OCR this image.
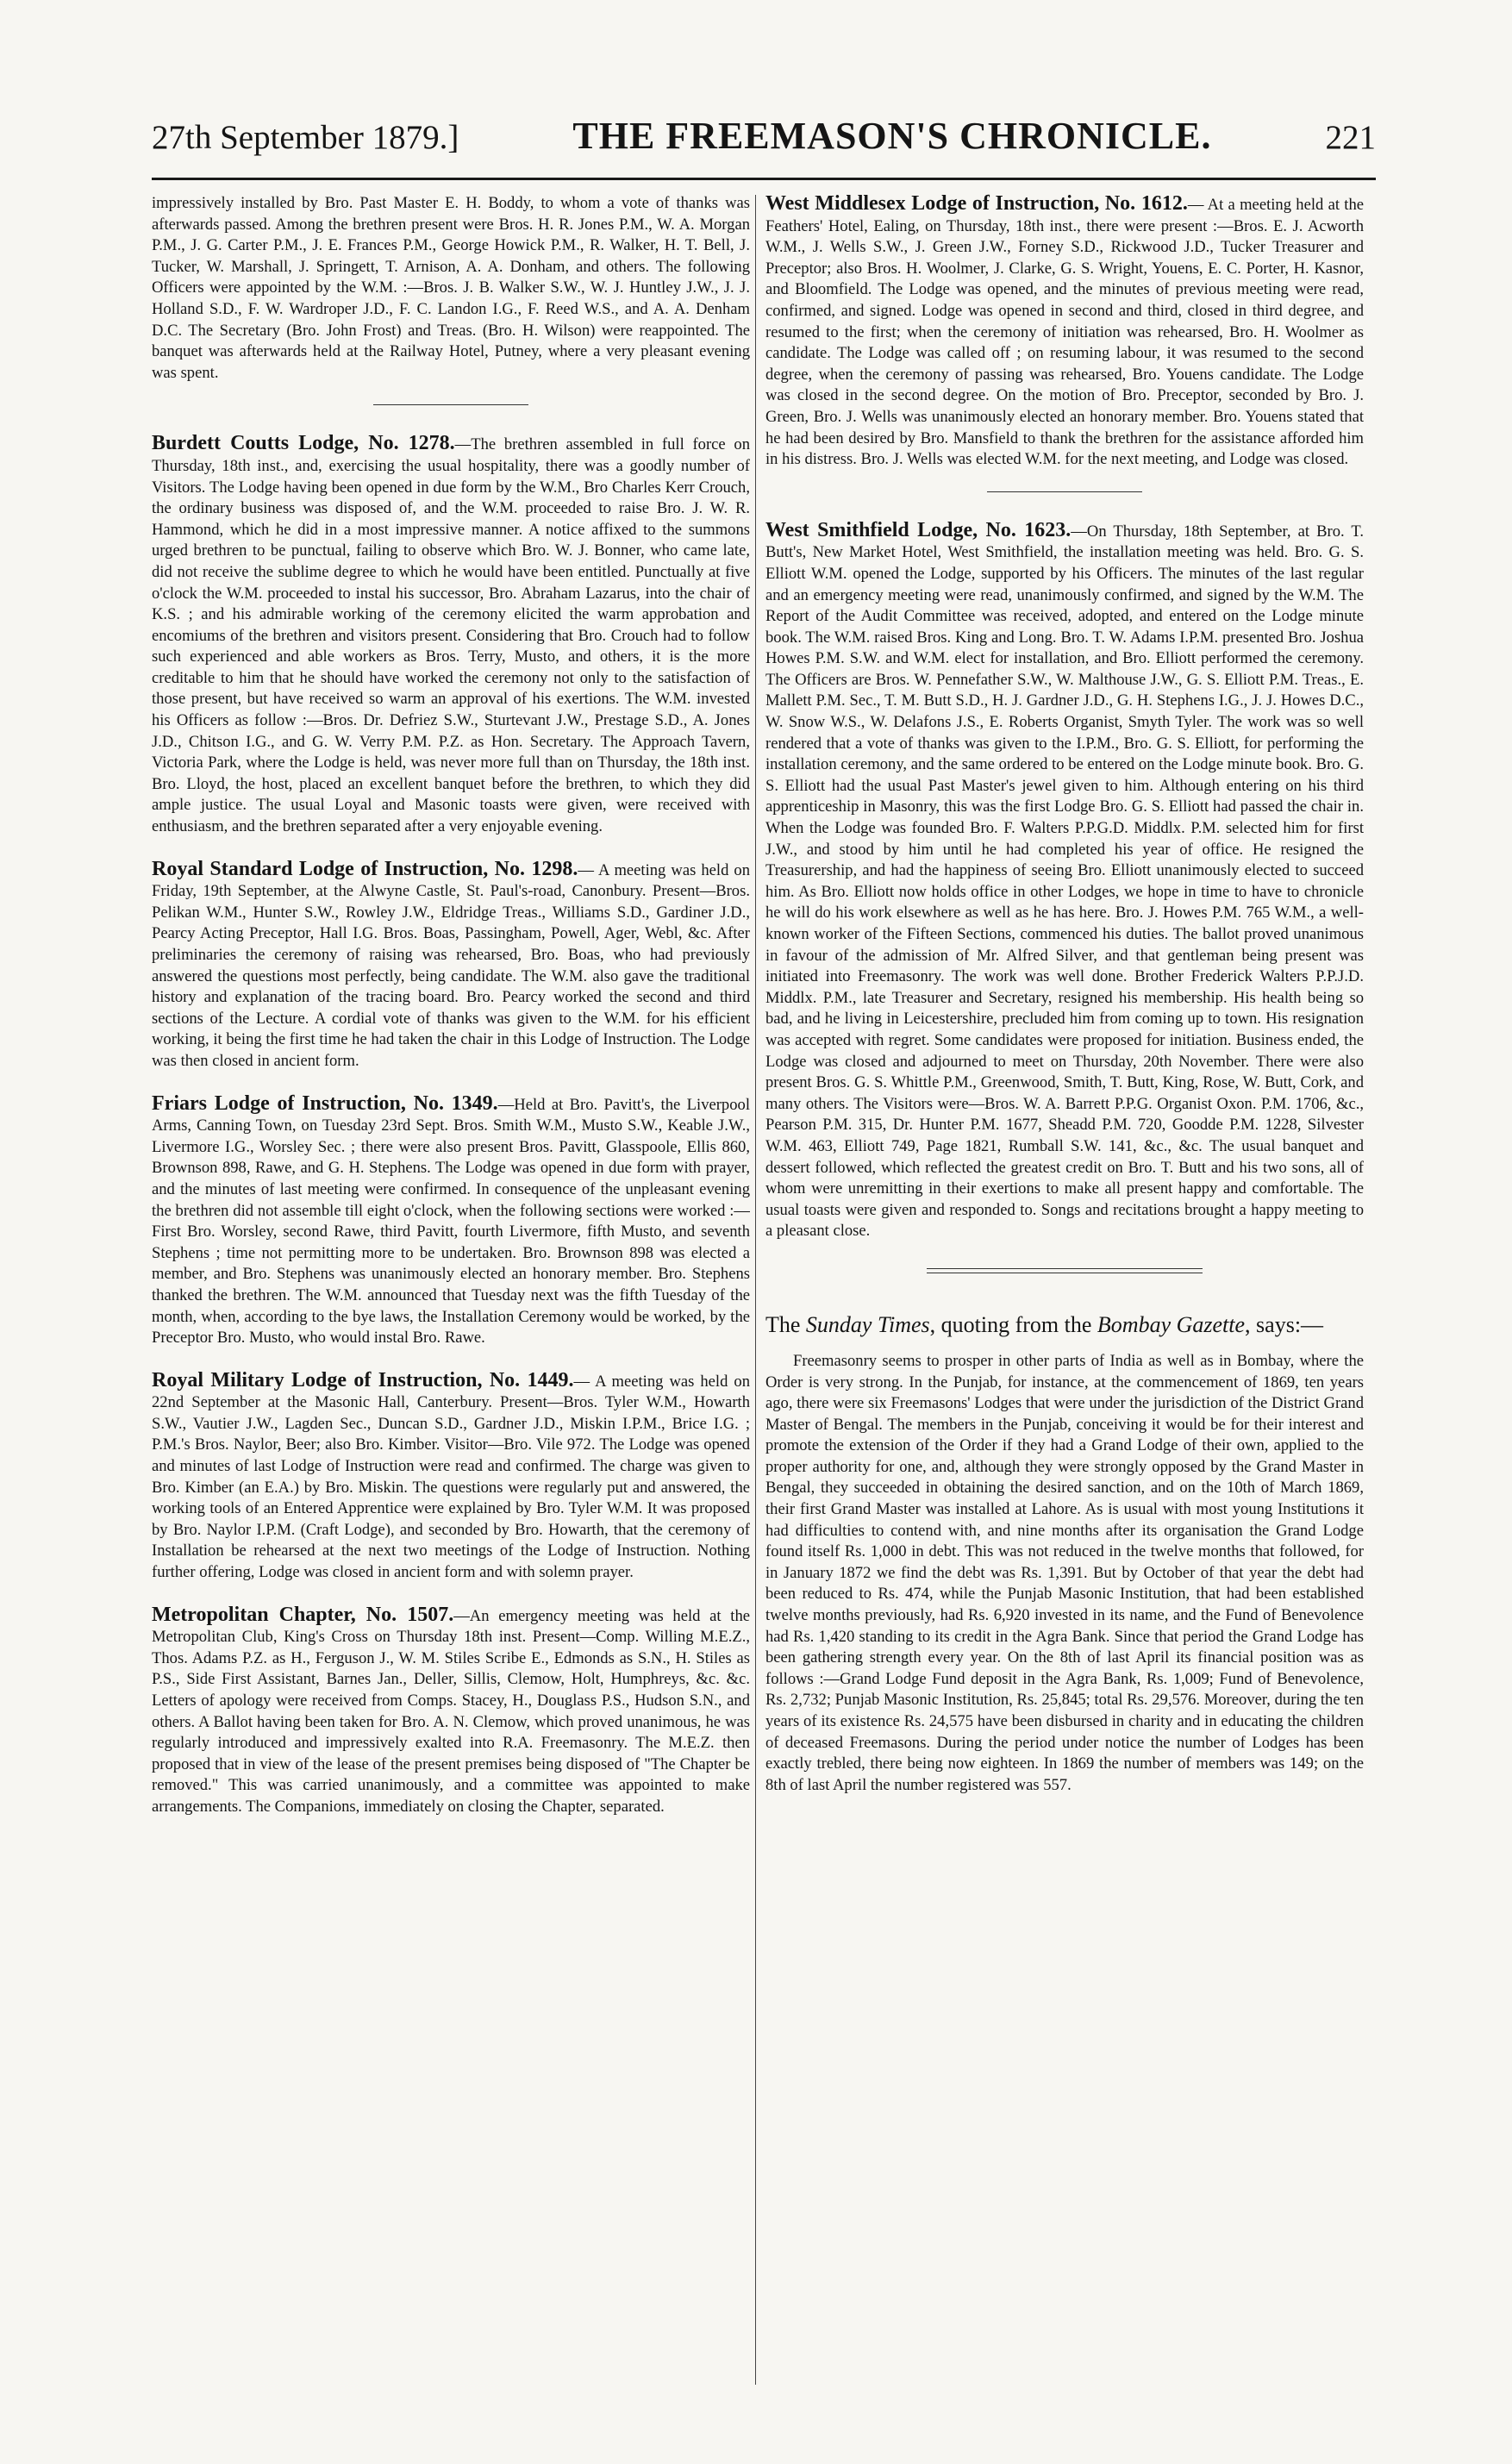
27th September 1879.]	THE FREEMASON'S CHRONICLE.	221

impressively installed by Bro. Past Master E. H. Boddy, to whom a vote of thanks was afterwards passed. Among the brethren present were Bros. H. R. Jones P.M., W. A. Morgan P.M., J. G. Carter P.M., J. E. Frances P.M., George Howick P.M., R. Walker, H. T. Bell, J. Tucker, W. Marshall, J. Springett, T. Arnison, A. A. Donham, and others. The following Officers were appointed by the W.M. :—Bros. J. B. Walker S.W., W. J. Huntley J.W., J. J. Holland S.D., F. W. Wardroper J.D., F. C. Landon I.G., F. Reed W.S., and A. A. Denham D.C. The Secretary (Bro. John Frost) and Treas. (Bro. H. Wilson) were reappointed. The banquet was afterwards held at the Railway Hotel, Putney, where a very pleasant evening was spent.

Burdett Coutts Lodge, No. 1278.—The brethren assembled in full force on Thursday, 18th inst., and, exercising the usual hospitality, there was a goodly number of Visitors. The Lodge having been opened in due form by the W.M., Bro Charles Kerr Crouch, the ordinary business was disposed of, and the W.M. proceeded to raise Bro. J. W. R. Hammond, which he did in a most impressive manner. A notice affixed to the summons urged brethren to be punctual, failing to observe which Bro. W. J. Bonner, who came late, did not receive the sublime degree to which he would have been entitled. Punctually at five o'clock the W.M. proceeded to instal his successor, Bro. Abraham Lazarus, into the chair of K.S. ; and his admirable working of the ceremony elicited the warm approbation and encomiums of the brethren and visitors present. Considering that Bro. Crouch had to follow such experienced and able workers as Bros. Terry, Musto, and others, it is the more creditable to him that he should have worked the ceremony not only to the satisfaction of those present, but have received so warm an approval of his exertions. The W.M. invested his Officers as follow :—Bros. Dr. Defriez S.W., Sturtevant J.W., Prestage S.D., A. Jones J.D., Chitson I.G., and G. W. Verry P.M. P.Z. as Hon. Secretary. The Approach Tavern, Victoria Park, where the Lodge is held, was never more full than on Thursday, the 18th inst. Bro. Lloyd, the host, placed an excellent banquet before the brethren, to which they did ample justice. The usual Loyal and Masonic toasts were given, were received with enthusiasm, and the brethren separated after a very enjoyable evening.

Royal Standard Lodge of Instruction, No. 1298.— A meeting was held on Friday, 19th September, at the Alwyne Castle, St. Paul's-road, Canonbury. Present—Bros. Pelikan W.M., Hunter S.W., Rowley J.W., Eldridge Treas., Williams S.D., Gardiner J.D., Pearcy Acting Preceptor, Hall I.G. Bros. Boas, Passingham, Powell, Ager, Webl, &c. After preliminaries the ceremony of raising was rehearsed, Bro. Boas, who had previously answered the questions most perfectly, being candidate. The W.M. also gave the traditional history and explanation of the tracing board. Bro. Pearcy worked the second and third sections of the Lecture. A cordial vote of thanks was given to the W.M. for his efficient working, it being the first time he had taken the chair in this Lodge of Instruction. The Lodge was then closed in ancient form.

Friars Lodge of Instruction, No. 1349.—Held at Bro. Pavitt's, the Liverpool Arms, Canning Town, on Tuesday 23rd Sept. Bros. Smith W.M., Musto S.W., Keable J.W., Livermore I.G., Worsley Sec. ; there were also present Bros. Pavitt, Glasspoole, Ellis 860, Brownson 898, Rawe, and G. H. Stephens. The Lodge was opened in due form with prayer, and the minutes of last meeting were confirmed. In consequence of the unpleasant evening the brethren did not assemble till eight o'clock, when the following sections were worked :—First Bro. Worsley, second Rawe, third Pavitt, fourth Livermore, fifth Musto, and seventh Stephens ; time not permitting more to be undertaken. Bro. Brownson 898 was elected a member, and Bro. Stephens was unanimously elected an honorary member. Bro. Stephens thanked the brethren. The W.M. announced that Tuesday next was the fifth Tuesday of the month, when, according to the bye laws, the Installation Ceremony would be worked, by the Preceptor Bro. Musto, who would instal Bro. Rawe.

Royal Military Lodge of Instruction, No. 1449.— A meeting was held on 22nd September at the Masonic Hall, Canterbury. Present—Bros. Tyler W.M., Howarth S.W., Vautier J.W., Lagden Sec., Duncan S.D., Gardner J.D., Miskin I.P.M., Brice I.G. ; P.M.'s Bros. Naylor, Beer; also Bro. Kimber. Visitor—Bro. Vile 972. The Lodge was opened and minutes of last Lodge of Instruction were read and confirmed. The charge was given to Bro. Kimber (an E.A.) by Bro. Miskin. The questions were regularly put and answered, the working tools of an Entered Apprentice were explained by Bro. Tyler W.M. It was proposed by Bro. Naylor I.P.M. (Craft Lodge), and seconded by Bro. Howarth, that the ceremony of Installation be rehearsed at the next two meetings of the Lodge of Instruction. Nothing further offering, Lodge was closed in ancient form and with solemn prayer.

Metropolitan Chapter, No. 1507.—An emergency meeting was held at the Metropolitan Club, King's Cross on Thursday 18th inst. Present—Comp. Willing M.E.Z., Thos. Adams P.Z. as H., Ferguson J., W. M. Stiles Scribe E., Edmonds as S.N., H. Stiles as P.S., Side First Assistant, Barnes Jan., Deller, Sillis, Clemow, Holt, Humphreys, &c. &c. Letters of apology were received from Comps. Stacey, H., Douglass P.S., Hudson S.N., and others. A Ballot having been taken for Bro. A. N. Clemow, which proved unanimous, he was regularly introduced and impressively exalted into R.A. Freemasonry. The M.E.Z. then proposed that in view of the lease of the present premises being disposed of "The Chapter be removed." This was carried unanimously, and a committee was appointed to make arrangements. The Companions, immediately on closing the Chapter, separated.

West Middlesex Lodge of Instruction, No. 1612.— At a meeting held at the Feathers' Hotel, Ealing, on Thursday, 18th inst., there were present :—Bros. E. J. Acworth W.M., J. Wells S.W., J. Green J.W., Forney S.D., Rickwood J.D., Tucker Treasurer and Preceptor; also Bros. H. Woolmer, J. Clarke, G. S. Wright, Youens, E. C. Porter, H. Kasnor, and Bloomfield. The Lodge was opened, and the minutes of previous meeting were read, confirmed, and signed. Lodge was opened in second and third, closed in third degree, and resumed to the first; when the ceremony of initiation was rehearsed, Bro. H. Woolmer as candidate. The Lodge was called off ; on resuming labour, it was resumed to the second degree, when the ceremony of passing was rehearsed, Bro. Youens candidate. The Lodge was closed in the second degree. On the motion of Bro. Preceptor, seconded by Bro. J. Green, Bro. J. Wells was unanimously elected an honorary member. Bro. Youens stated that he had been desired by Bro. Mansfield to thank the brethren for the assistance afforded him in his distress. Bro. J. Wells was elected W.M. for the next meeting, and Lodge was closed.

West Smithfield Lodge, No. 1623.—On Thursday, 18th September, at Bro. T. Butt's, New Market Hotel, West Smithfield, the installation meeting was held. Bro. G. S. Elliott W.M. opened the Lodge, supported by his Officers. The minutes of the last regular and an emergency meeting were read, unanimously confirmed, and signed by the W.M. The Report of the Audit Committee was received, adopted, and entered on the Lodge minute book. The W.M. raised Bros. King and Long. Bro. T. W. Adams I.P.M. presented Bro. Joshua Howes P.M. S.W. and W.M. elect for installation, and Bro. Elliott performed the ceremony. The Officers are Bros. W. Pennefather S.W., W. Malthouse J.W., G. S. Elliott P.M. Treas., E. Mallett P.M. Sec., T. M. Butt S.D., H. J. Gardner J.D., G. H. Stephens I.G., J. J. Howes D.C., W. Snow W.S., W. Delafons J.S., E. Roberts Organist, Smyth Tyler. The work was so well rendered that a vote of thanks was given to the I.P.M., Bro. G. S. Elliott, for performing the installation ceremony, and the same ordered to be entered on the Lodge minute book. Bro. G. S. Elliott had the usual Past Master's jewel given to him. Although entering on his third apprenticeship in Masonry, this was the first Lodge Bro. G. S. Elliott had passed the chair in. When the Lodge was founded Bro. F. Walters P.P.G.D. Middlx. P.M. selected him for first J.W., and stood by him until he had completed his year of office. He resigned the Treasurership, and had the happiness of seeing Bro. Elliott unanimously elected to succeed him. As Bro. Elliott now holds office in other Lodges, we hope in time to have to chronicle he will do his work elsewhere as well as he has here. Bro. J. Howes P.M. 765 W.M., a well-known worker of the Fifteen Sections, commenced his duties. The ballot proved unanimous in favour of the admission of Mr. Alfred Silver, and that gentleman being present was initiated into Freemasonry. The work was well done. Brother Frederick Walters P.P.J.D. Middlx. P.M., late Treasurer and Secretary, resigned his membership. His health being so bad, and he living in Leicestershire, precluded him from coming up to town. His resignation was accepted with regret. Some candidates were proposed for initiation. Business ended, the Lodge was closed and adjourned to meet on Thursday, 20th November. There were also present Bros. G. S. Whittle P.M., Greenwood, Smith, T. Butt, King, Rose, W. Butt, Cork, and many others. The Visitors were—Bros. W. A. Barrett P.P.G. Organist Oxon. P.M. 1706, &c., Pearson P.M. 315, Dr. Hunter P.M. 1677, Sheadd P.M. 720, Goodde P.M. 1228, Silvester W.M. 463, Elliott 749, Page 1821, Rumball S.W. 141, &c., &c. The usual banquet and dessert followed, which reflected the greatest credit on Bro. T. Butt and his two sons, all of whom were unremitting in their exertions to make all present happy and comfortable. The usual toasts were given and responded to. Songs and recitations brought a happy meeting to a pleasant close.

The Sunday Times, quoting from the Bombay Gazette, says:—

Freemasonry seems to prosper in other parts of India as well as in Bombay, where the Order is very strong. In the Punjab, for instance, at the commencement of 1869, ten years ago, there were six Freemasons' Lodges that were under the jurisdiction of the District Grand Master of Bengal. The members in the Punjab, conceiving it would be for their interest and promote the extension of the Order if they had a Grand Lodge of their own, applied to the proper authority for one, and, although they were strongly opposed by the Grand Master in Bengal, they succeeded in obtaining the desired sanction, and on the 10th of March 1869, their first Grand Master was installed at Lahore. As is usual with most young Institutions it had difficulties to contend with, and nine months after its organisation the Grand Lodge found itself Rs. 1,000 in debt. This was not reduced in the twelve months that followed, for in January 1872 we find the debt was Rs. 1,391. But by October of that year the debt had been reduced to Rs. 474, while the Punjab Masonic Institution, that had been established twelve months previously, had Rs. 6,920 invested in its name, and the Fund of Benevolence had Rs. 1,420 standing to its credit in the Agra Bank. Since that period the Grand Lodge has been gathering strength every year. On the 8th of last April its financial position was as follows :—Grand Lodge Fund deposit in the Agra Bank, Rs. 1,009; Fund of Benevolence, Rs. 2,732; Punjab Masonic Institution, Rs. 25,845; total Rs. 29,576. Moreover, during the ten years of its existence Rs. 24,575 have been disbursed in charity and in educating the children of deceased Freemasons. During the period under notice the number of Lodges has been exactly trebled, there being now eighteen. In 1869 the number of members was 149; on the 8th of last April the number registered was 557.
